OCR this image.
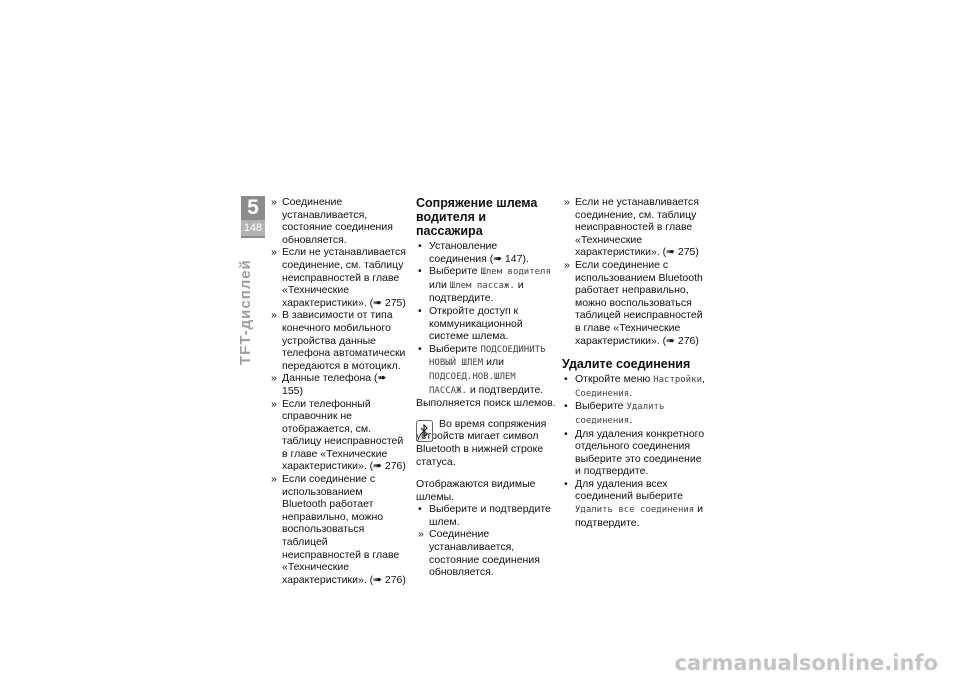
5
148
TFT-дисплей

» Соединение устанавливается, состояние соединения обновляется.

» Если не устанавливается соединение, см. таблицу неисправностей в главе «Технические характеристики». (➠ 275)

» В зависимости от типа конечного мобильного устройства данные телефона автоматически передаются в мотоцикл.

» Данные телефона (➠ 155)

» Если телефонный справочник не отображается, см. таблицу неисправностей в главе «Технические характеристики». (➠ 276)

» Если соединение с использованием Bluetooth работает неправильно, можно воспользоваться таблицей неисправностей в главе «Технические характеристики». (➠ 276)

Сопряжение шлема водителя и пассажира

• Установление соединения (➠ 147).

• Выберите Шлем водителя или Шлем пассаж. и подтвердите.

• Откройте доступ к коммуникационной системе шлема.

• Выберите ПОДСОЕДИНИТЬ НОВЫЙ ШЛЕМ или ПОДСОЕД.НОВ.ШЛЕМ ПАССАЖ. и подтвердите.

Выполняется поиск шлемов.

Во время сопряжения устройств мигает символ Bluetooth в нижней строке статуса.

Отображаются видимые шлемы.

• Выберите и подтвердите шлем.

» Соединение устанавливается, состояние соединения обновляется.

» Если не устанавливается соединение, см. таблицу неисправностей в главе «Технические характеристики». (➠ 275)

» Если соединение с использованием Bluetooth работает неправильно, можно воспользоваться таблицей неисправностей в главе «Технические характеристики». (➠ 276)

Удалите соединения

• Откройте меню Настройки, Соединения.

• Выберите Удалить соединения.

• Для удаления конкретного отдельного соединения выберите это соединение и подтвердите.

• Для удаления всех соединений выберите Удалить все соединения и подтвердите.

carmanualsonline.info
